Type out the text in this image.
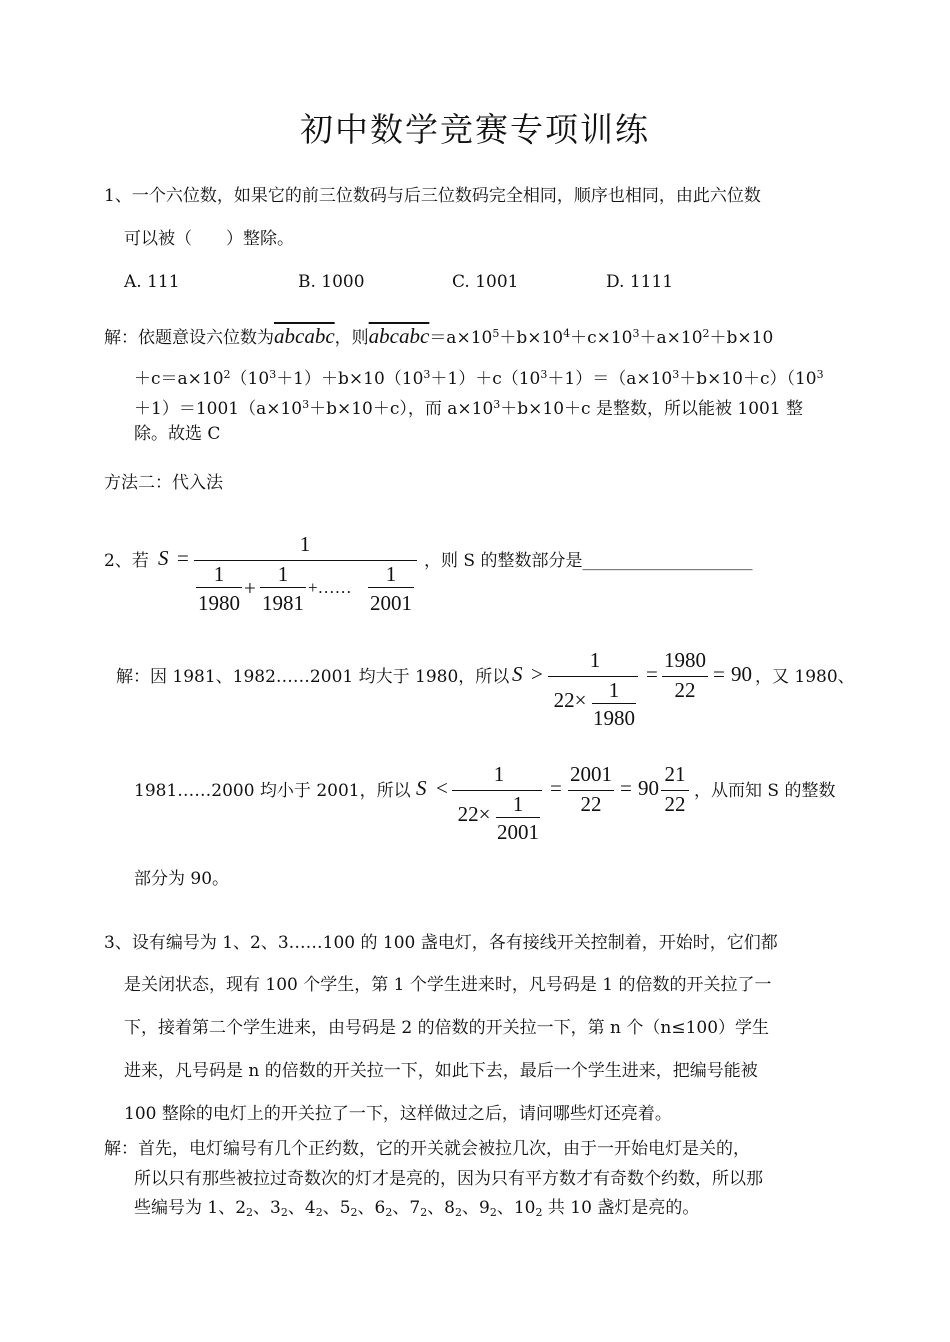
初中数学竞赛专项训练
1、一个六位数，如果它的前三位数码与后三位数码完全相同，顺序也相同，由此六位数
可以被（　　）整除。
A. 111	B. 1000	C. 1001	D. 1111
解：依题意设六位数为abcabc，则$abcabc=a\times 10^5+b\times 10^4+c\times 10^3+a\times 10^2+b\times 10$
$+c=a\times 10^2(10^3+1)+b\times 10(10^3+1)+c(10^3+1)=(a\times 10^3+b\times 10+c)(10^3$
$+1)=1001(a\times 10^3+b\times 10+c)$，而 $a\times 10^3+b\times 10+c$ 是整数，所以能被 1001 整
除。故选 C
方法二：代入法
2、若 S =
1
1
1980
+
1
1981
+……
1
2001
，则 S 的整数部分是____________________
解：因 1981、1982……2001 均大于 1980，所以 S >
1
22×	1
1980
=
1980
22
= 90 ，又 1980、
1981……2000 均小于 2001，所以 S <
1
22×	1
2001
=
2001
22
= 90
21
22
，从而知 S 的整数
部分为 90。
3、设有编号为 1、2、3……100 的 100 盏电灯，各有接线开关控制着，开始时，它们都
是关闭状态，现有 100 个学生，第 1 个学生进来时，凡号码是 1 的倍数的开关拉了一
下，接着第二个学生进来，由号码是 2 的倍数的开关拉一下，第 n 个（n≤100）学生
进来，凡号码是 n 的倍数的开关拉一下，如此下去，最后一个学生进来，把编号能被
100 整除的电灯上的开关拉了一下，这样做过之后，请问哪些灯还亮着。
解：首先，电灯编号有几个正约数，它的开关就会被拉几次，由于一开始电灯是关的，
所以只有那些被拉过奇数次的灯才是亮的，因为只有平方数才有奇数个约数，所以那
些编号为 1、$2_2$、$3_2$、$4_2$、$5_2$、$6_2$、$7_2$、$8_2$、$9_2$、$10_2$ 共 10 盏灯是亮的。
